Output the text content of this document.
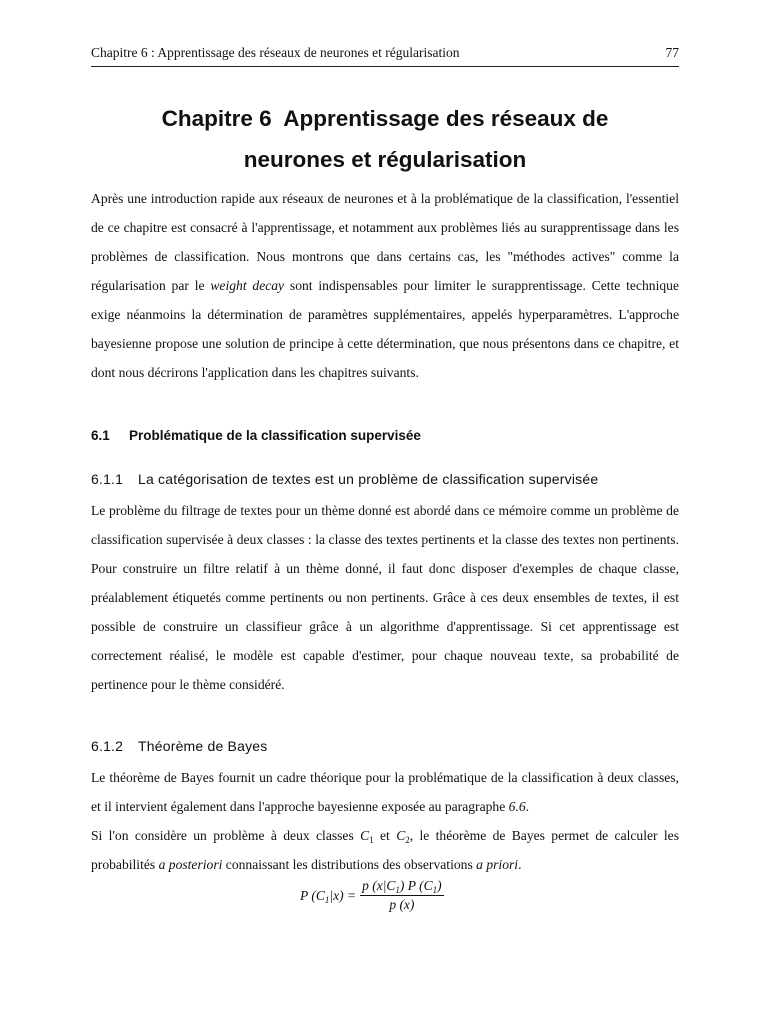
Chapitre 6 : Apprentissage des réseaux de neurones et régularisation	77
Chapitre 6  Apprentissage des réseaux de
neurones et régularisation

Après une introduction rapide aux réseaux de neurones et à la problématique de la classification, l'essentiel de ce chapitre est consacré à l'apprentissage, et notamment aux problèmes liés au surapprentissage dans les problèmes de classification. Nous montrons que dans certains cas, les "méthodes actives" comme la régularisation par le weight decay sont indispensables pour limiter le surapprentissage. Cette technique exige néanmoins la détermination de paramètres supplémentaires, appelés hyperparamètres. L'approche bayesienne propose une solution de principe à cette détermination, que nous présentons dans ce chapitre, et dont nous décrirons l'application dans les chapitres suivants.

6.1 Problématique de la classification supervisée
6.1.1 La catégorisation de textes est un problème de classification supervisée

Le problème du filtrage de textes pour un thème donné est abordé dans ce mémoire comme un problème de classification supervisée à deux classes : la classe des textes pertinents et la classe des textes non pertinents. Pour construire un filtre relatif à un thème donné, il faut donc disposer d'exemples de chaque classe, préalablement étiquetés comme pertinents ou non pertinents. Grâce à ces deux ensembles de textes, il est possible de construire un classifieur grâce à un algorithme d'apprentissage. Si cet apprentissage est correctement réalisé, le modèle est capable d'estimer, pour chaque nouveau texte, sa probabilité de pertinence pour le thème considéré.

6.1.2 Théorème de Bayes

Le théorème de Bayes fournit un cadre théorique pour la problématique de la classification à deux classes, et il intervient également dans l'approche bayesienne exposée au paragraphe 6.6.

Si l'on considère un problème à deux classes $C_1$ et $C_2$, le théorème de Bayes permet de calculer les probabilités a posteriori connaissant les distributions des observations a priori.

P $(C_1|x) = \frac{p (x|C_1) P (C_1)}{p (x)}$
